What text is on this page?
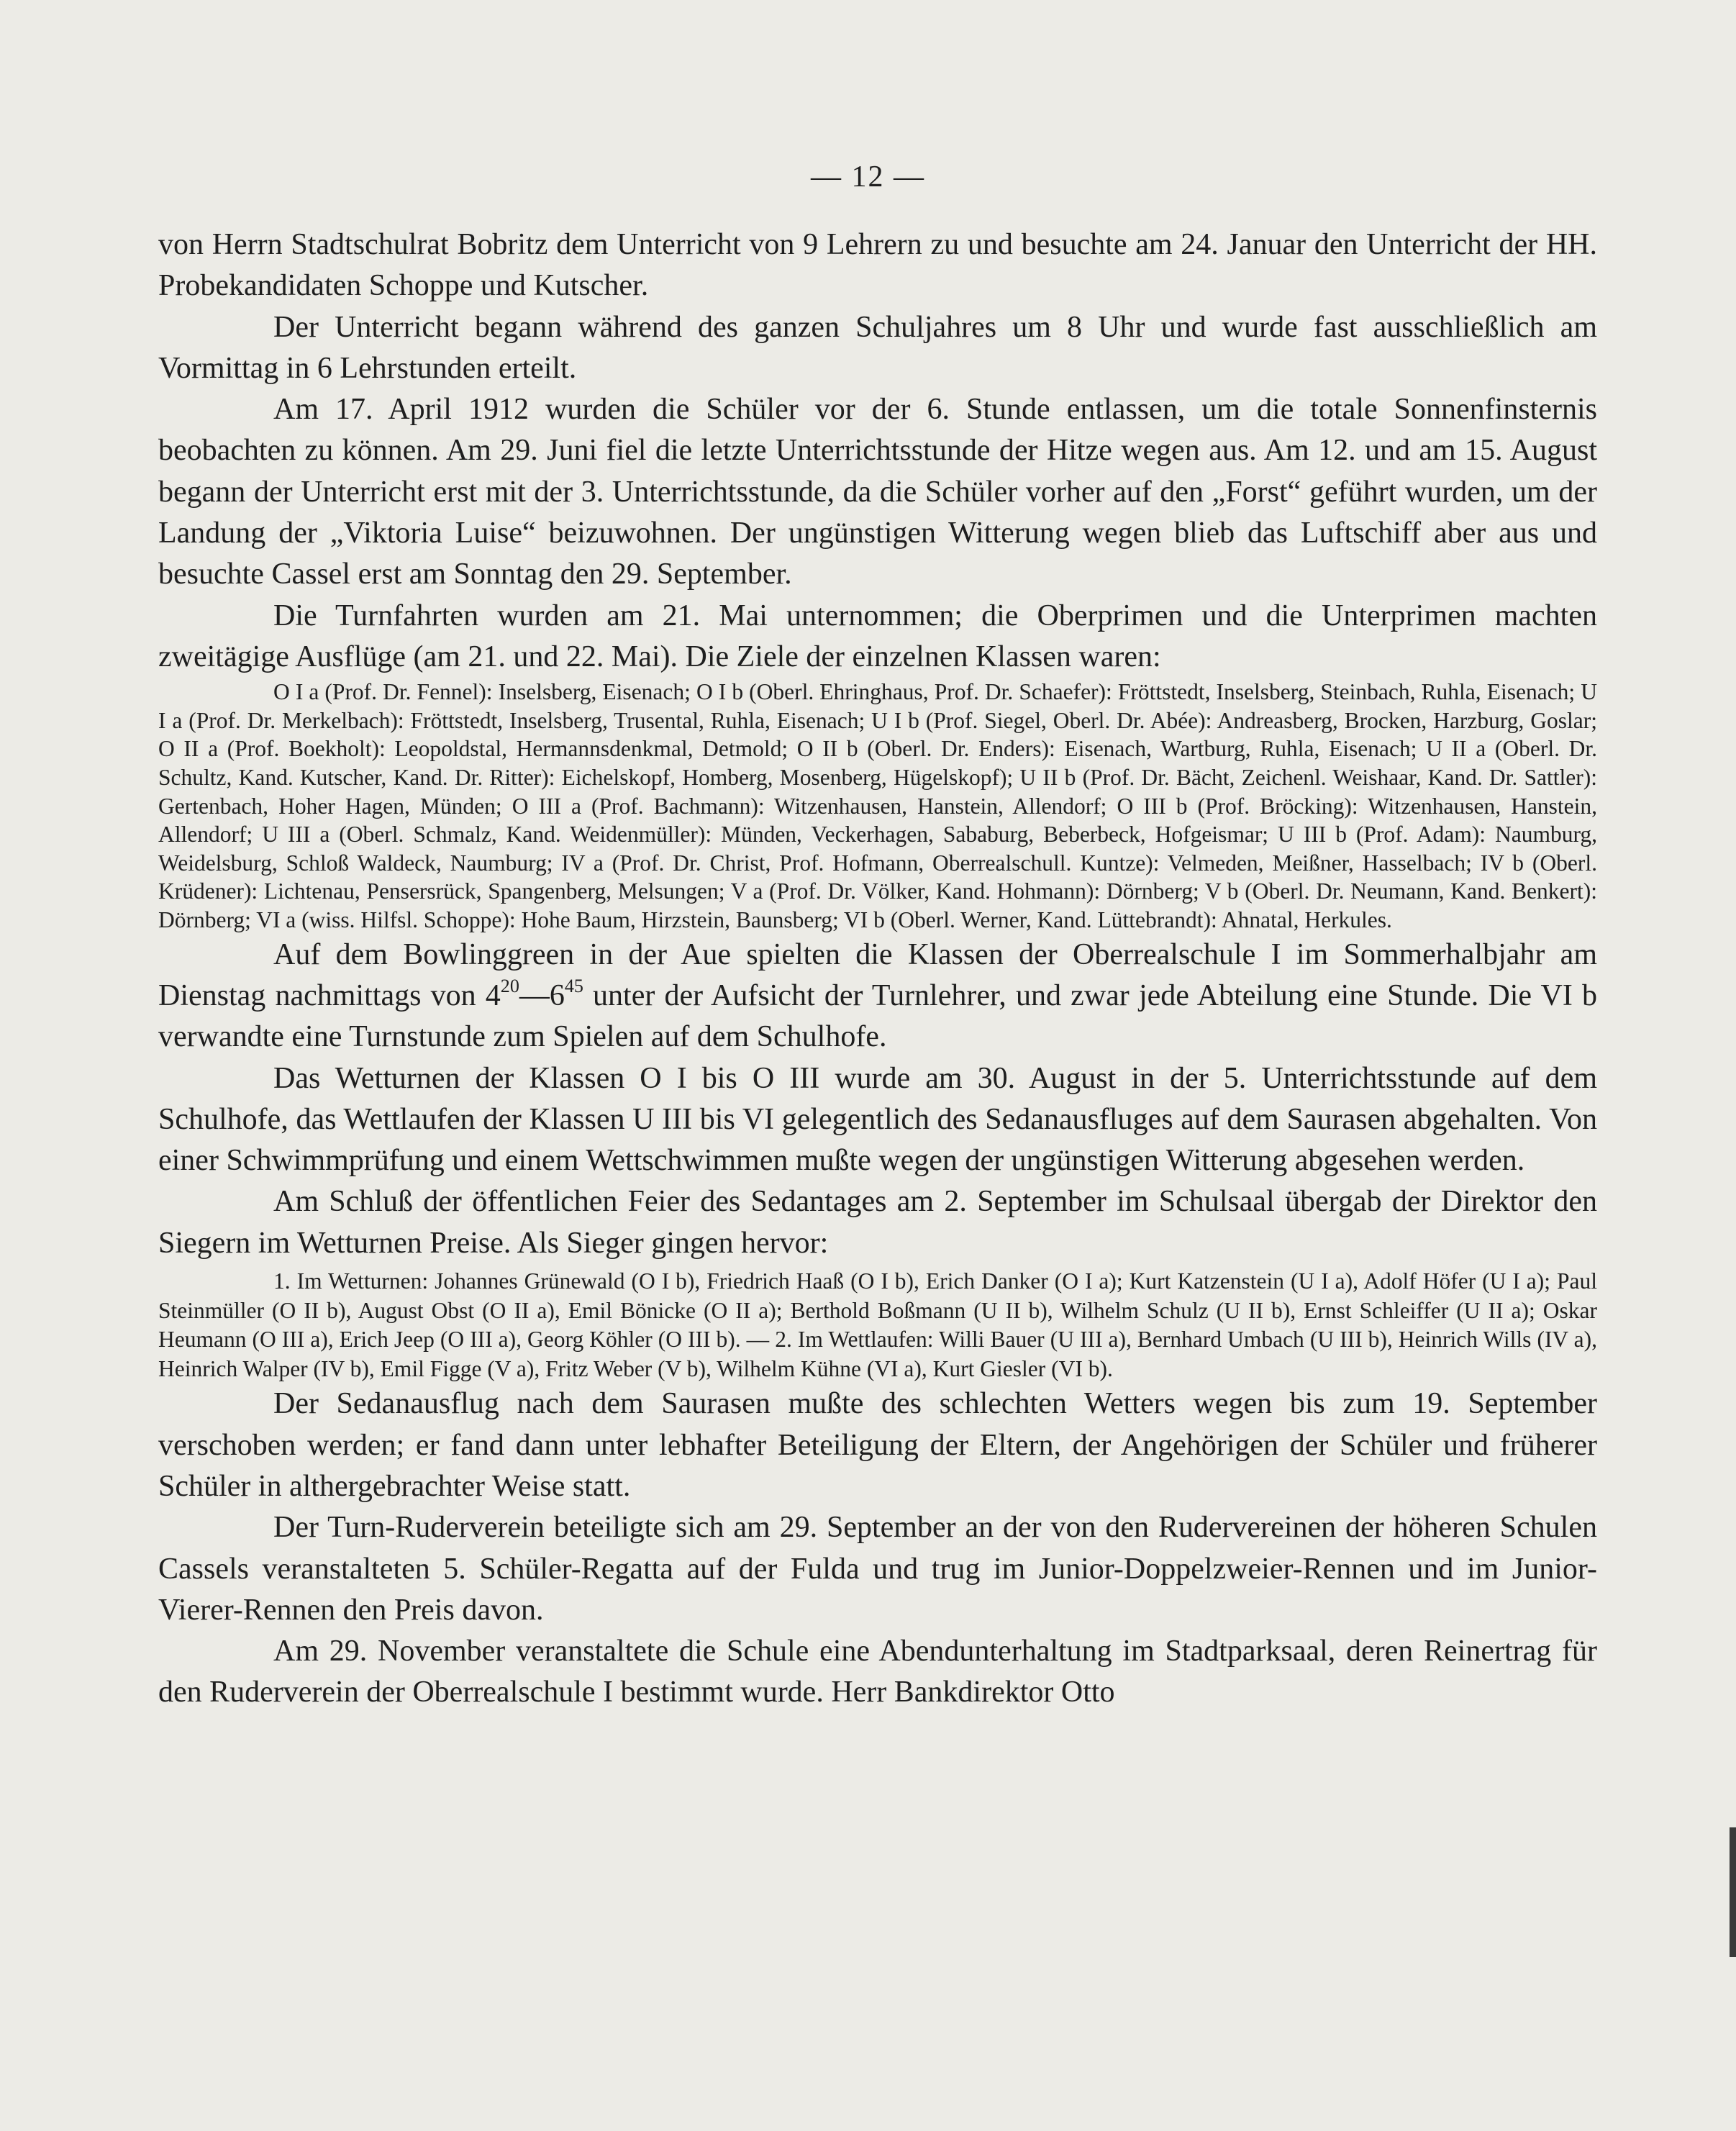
— 12 —

von Herrn Stadtschulrat Bobritz dem Unterricht von 9 Lehrern zu und besuchte am 24. Januar den Unterricht der HH. Probekandidaten Schoppe und Kutscher.

Der Unterricht begann während des ganzen Schuljahres um 8 Uhr und wurde fast ausschließlich am Vormittag in 6 Lehrstunden erteilt.

Am 17. April 1912 wurden die Schüler vor der 6. Stunde entlassen, um die totale Sonnenfinsternis beobachten zu können. Am 29. Juni fiel die letzte Unterrichtsstunde der Hitze wegen aus. Am 12. und am 15. August begann der Unterricht erst mit der 3. Unterrichtsstunde, da die Schüler vorher auf den „Forst“ geführt wurden, um der Landung der „Viktoria Luise“ beizuwohnen. Der ungünstigen Witterung wegen blieb das Luftschiff aber aus und besuchte Cassel erst am Sonntag den 29. September.

Die Turnfahrten wurden am 21. Mai unternommen; die Oberprimen und die Unterprimen machten zweitägige Ausflüge (am 21. und 22. Mai). Die Ziele der einzelnen Klassen waren:

O I a (Prof. Dr. Fennel): Inselsberg, Eisenach; O I b (Oberl. Ehringhaus, Prof. Dr. Schaefer): Fröttstedt, Inselsberg, Steinbach, Ruhla, Eisenach; U I a (Prof. Dr. Merkelbach): Fröttstedt, Inselsberg, Trusental, Ruhla, Eisenach; U I b (Prof. Siegel, Oberl. Dr. Abée): Andreasberg, Brocken, Harzburg, Goslar; O II a (Prof. Boekholt): Leopoldstal, Hermannsdenkmal, Detmold; O II b (Oberl. Dr. Enders): Eisenach, Wartburg, Ruhla, Eisenach; U II a (Oberl. Dr. Schultz, Kand. Kutscher, Kand. Dr. Ritter): Eichelskopf, Homberg, Mosenberg, Hügelskopf); U II b (Prof. Dr. Bächt, Zeichenl. Weishaar, Kand. Dr. Sattler): Gertenbach, Hoher Hagen, Münden; O III a (Prof. Bachmann): Witzenhausen, Hanstein, Allendorf; O III b (Prof. Bröcking): Witzenhausen, Hanstein, Allendorf; U III a (Oberl. Schmalz, Kand. Weidenmüller): Münden, Veckerhagen, Sababurg, Beberbeck, Hofgeismar; U III b (Prof. Adam): Naumburg, Weidelsburg, Schloß Waldeck, Naumburg; IV a (Prof. Dr. Christ, Prof. Hofmann, Oberrealschull. Kuntze): Velmeden, Meißner, Hasselbach; IV b (Oberl. Krüdener): Lichtenau, Pensersrück, Spangenberg, Melsungen; V a (Prof. Dr. Völker, Kand. Hohmann): Dörnberg; V b (Oberl. Dr. Neumann, Kand. Benkert): Dörnberg; VI a (wiss. Hilfsl. Schoppe): Hohe Baum, Hirzstein, Baunsberg; VI b (Oberl. Werner, Kand. Lüttebrandt): Ahnatal, Herkules.

Auf dem Bowlinggreen in der Aue spielten die Klassen der Oberrealschule I im Sommerhalbjahr am Dienstag nachmittags von $4^{20}—6^{45}$ unter der Aufsicht der Turnlehrer, und zwar jede Abteilung eine Stunde. Die VI b verwandte eine Turnstunde zum Spielen auf dem Schulhofe.

Das Wetturnen der Klassen O I bis O III wurde am 30. August in der 5. Unterrichtsstunde auf dem Schulhofe, das Wettlaufen der Klassen U III bis VI gelegentlich des Sedanausfluges auf dem Saurasen abgehalten. Von einer Schwimmprüfung und einem Wettschwimmen mußte wegen der ungünstigen Witterung abgesehen werden.

Am Schluß der öffentlichen Feier des Sedantages am 2. September im Schulsaal übergab der Direktor den Siegern im Wetturnen Preise. Als Sieger gingen hervor:

1. Im Wetturnen: Johannes Grünewald (O I b), Friedrich Haaß (O I b), Erich Danker (O I a); Kurt Katzenstein (U I a), Adolf Höfer (U I a); Paul Steinmüller (O II b), August Obst (O II a), Emil Bönicke (O II a); Berthold Boßmann (U II b), Wilhelm Schulz (U II b), Ernst Schleiffer (U II a); Oskar Heumann (O III a), Erich Jeep (O III a), Georg Köhler (O III b). — 2. Im Wettlaufen: Willi Bauer (U III a), Bernhard Umbach (U III b), Heinrich Wills (IV a), Heinrich Walper (IV b), Emil Figge (V a), Fritz Weber (V b), Wilhelm Kühne (VI a), Kurt Giesler (VI b).

Der Sedanausflug nach dem Saurasen mußte des schlechten Wetters wegen bis zum 19. September verschoben werden; er fand dann unter lebhafter Beteiligung der Eltern, der Angehörigen der Schüler und früherer Schüler in althergebrachter Weise statt.

Der Turn-Ruderverein beteiligte sich am 29. September an der von den Rudervereinen der höheren Schulen Cassels veranstalteten 5. Schüler-Regatta auf der Fulda und trug im Junior-Doppelzweier-Rennen und im Junior-Vierer-Rennen den Preis davon.

Am 29. November veranstaltete die Schule eine Abendunterhaltung im Stadtparksaal, deren Reinertrag für den Ruderverein der Oberrealschule I bestimmt wurde. Herr Bankdirektor Otto
